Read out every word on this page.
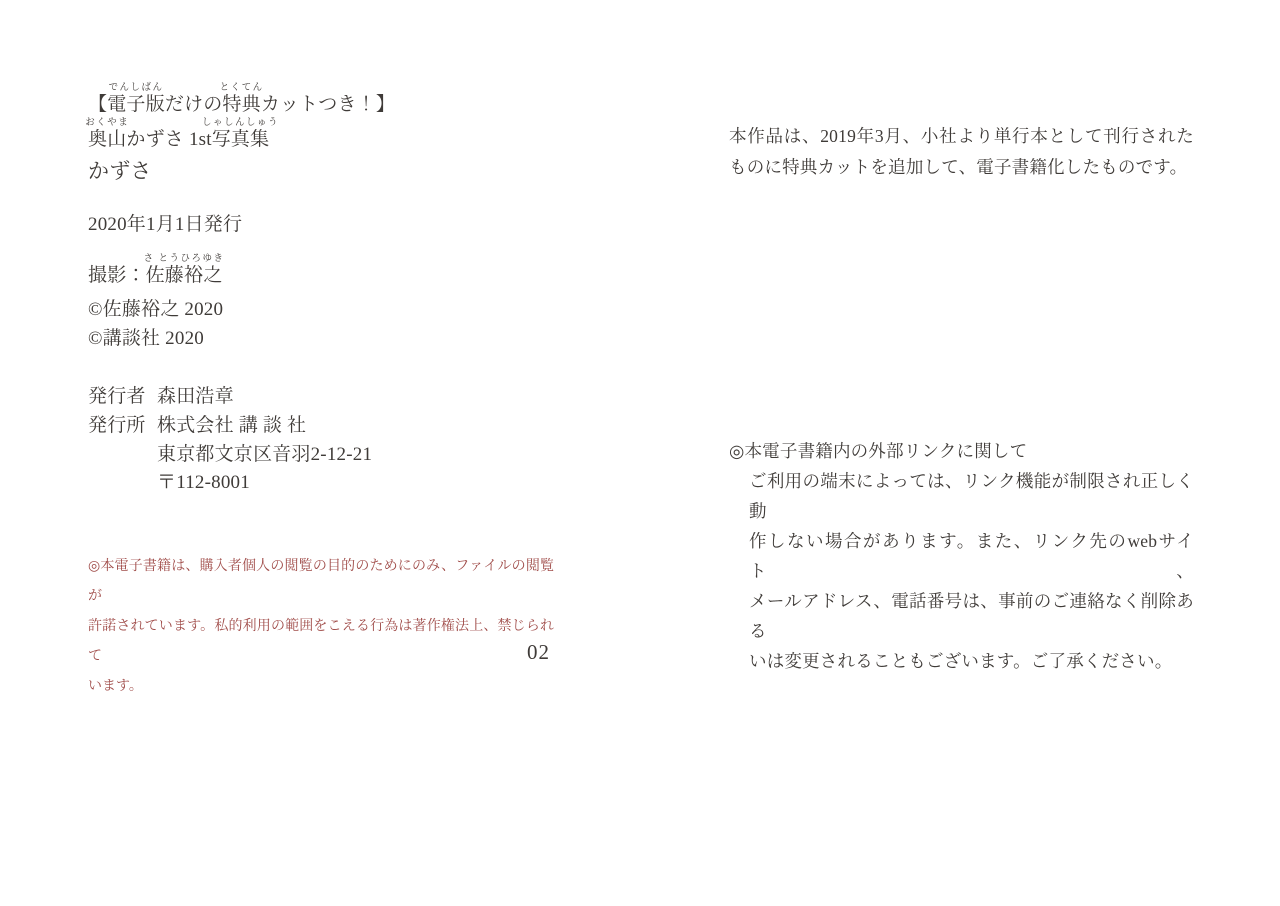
【電子版
でんしばん
だけの特典
とくてん
カットつき！】
奥山
おくやま
かずさ 1st写真集
しゃしんしゅう
かずさ
2020年1月1日発行
撮影：佐藤裕之
さ とうひろゆき
©佐藤裕之 2020
©講談社 2020
発行者 森田浩章
発行所 株式会社 講 談 社
東京都文京区音羽2-12-21
〒112-8001
◎本電子書籍は、購入者個人の閲覧の目的のためにのみ、ファイルの閲覧が
許諾されています。私的利用の範囲をこえる行為は著作権法上、禁じられて
います。
02
本作品は、2019年3月、小社より単行本として刊行された
ものに特典カットを追加して、電子書籍化したものです。
◎本電子書籍内の外部リンクに関して
ご利用の端末によっては、リンク機能が制限され正しく動
作しない場合があります。また、リンク先のwebサイト、
メールアドレス、電話番号は、事前のご連絡なく削除ある
いは変更されることもございます。ご了承ください。
